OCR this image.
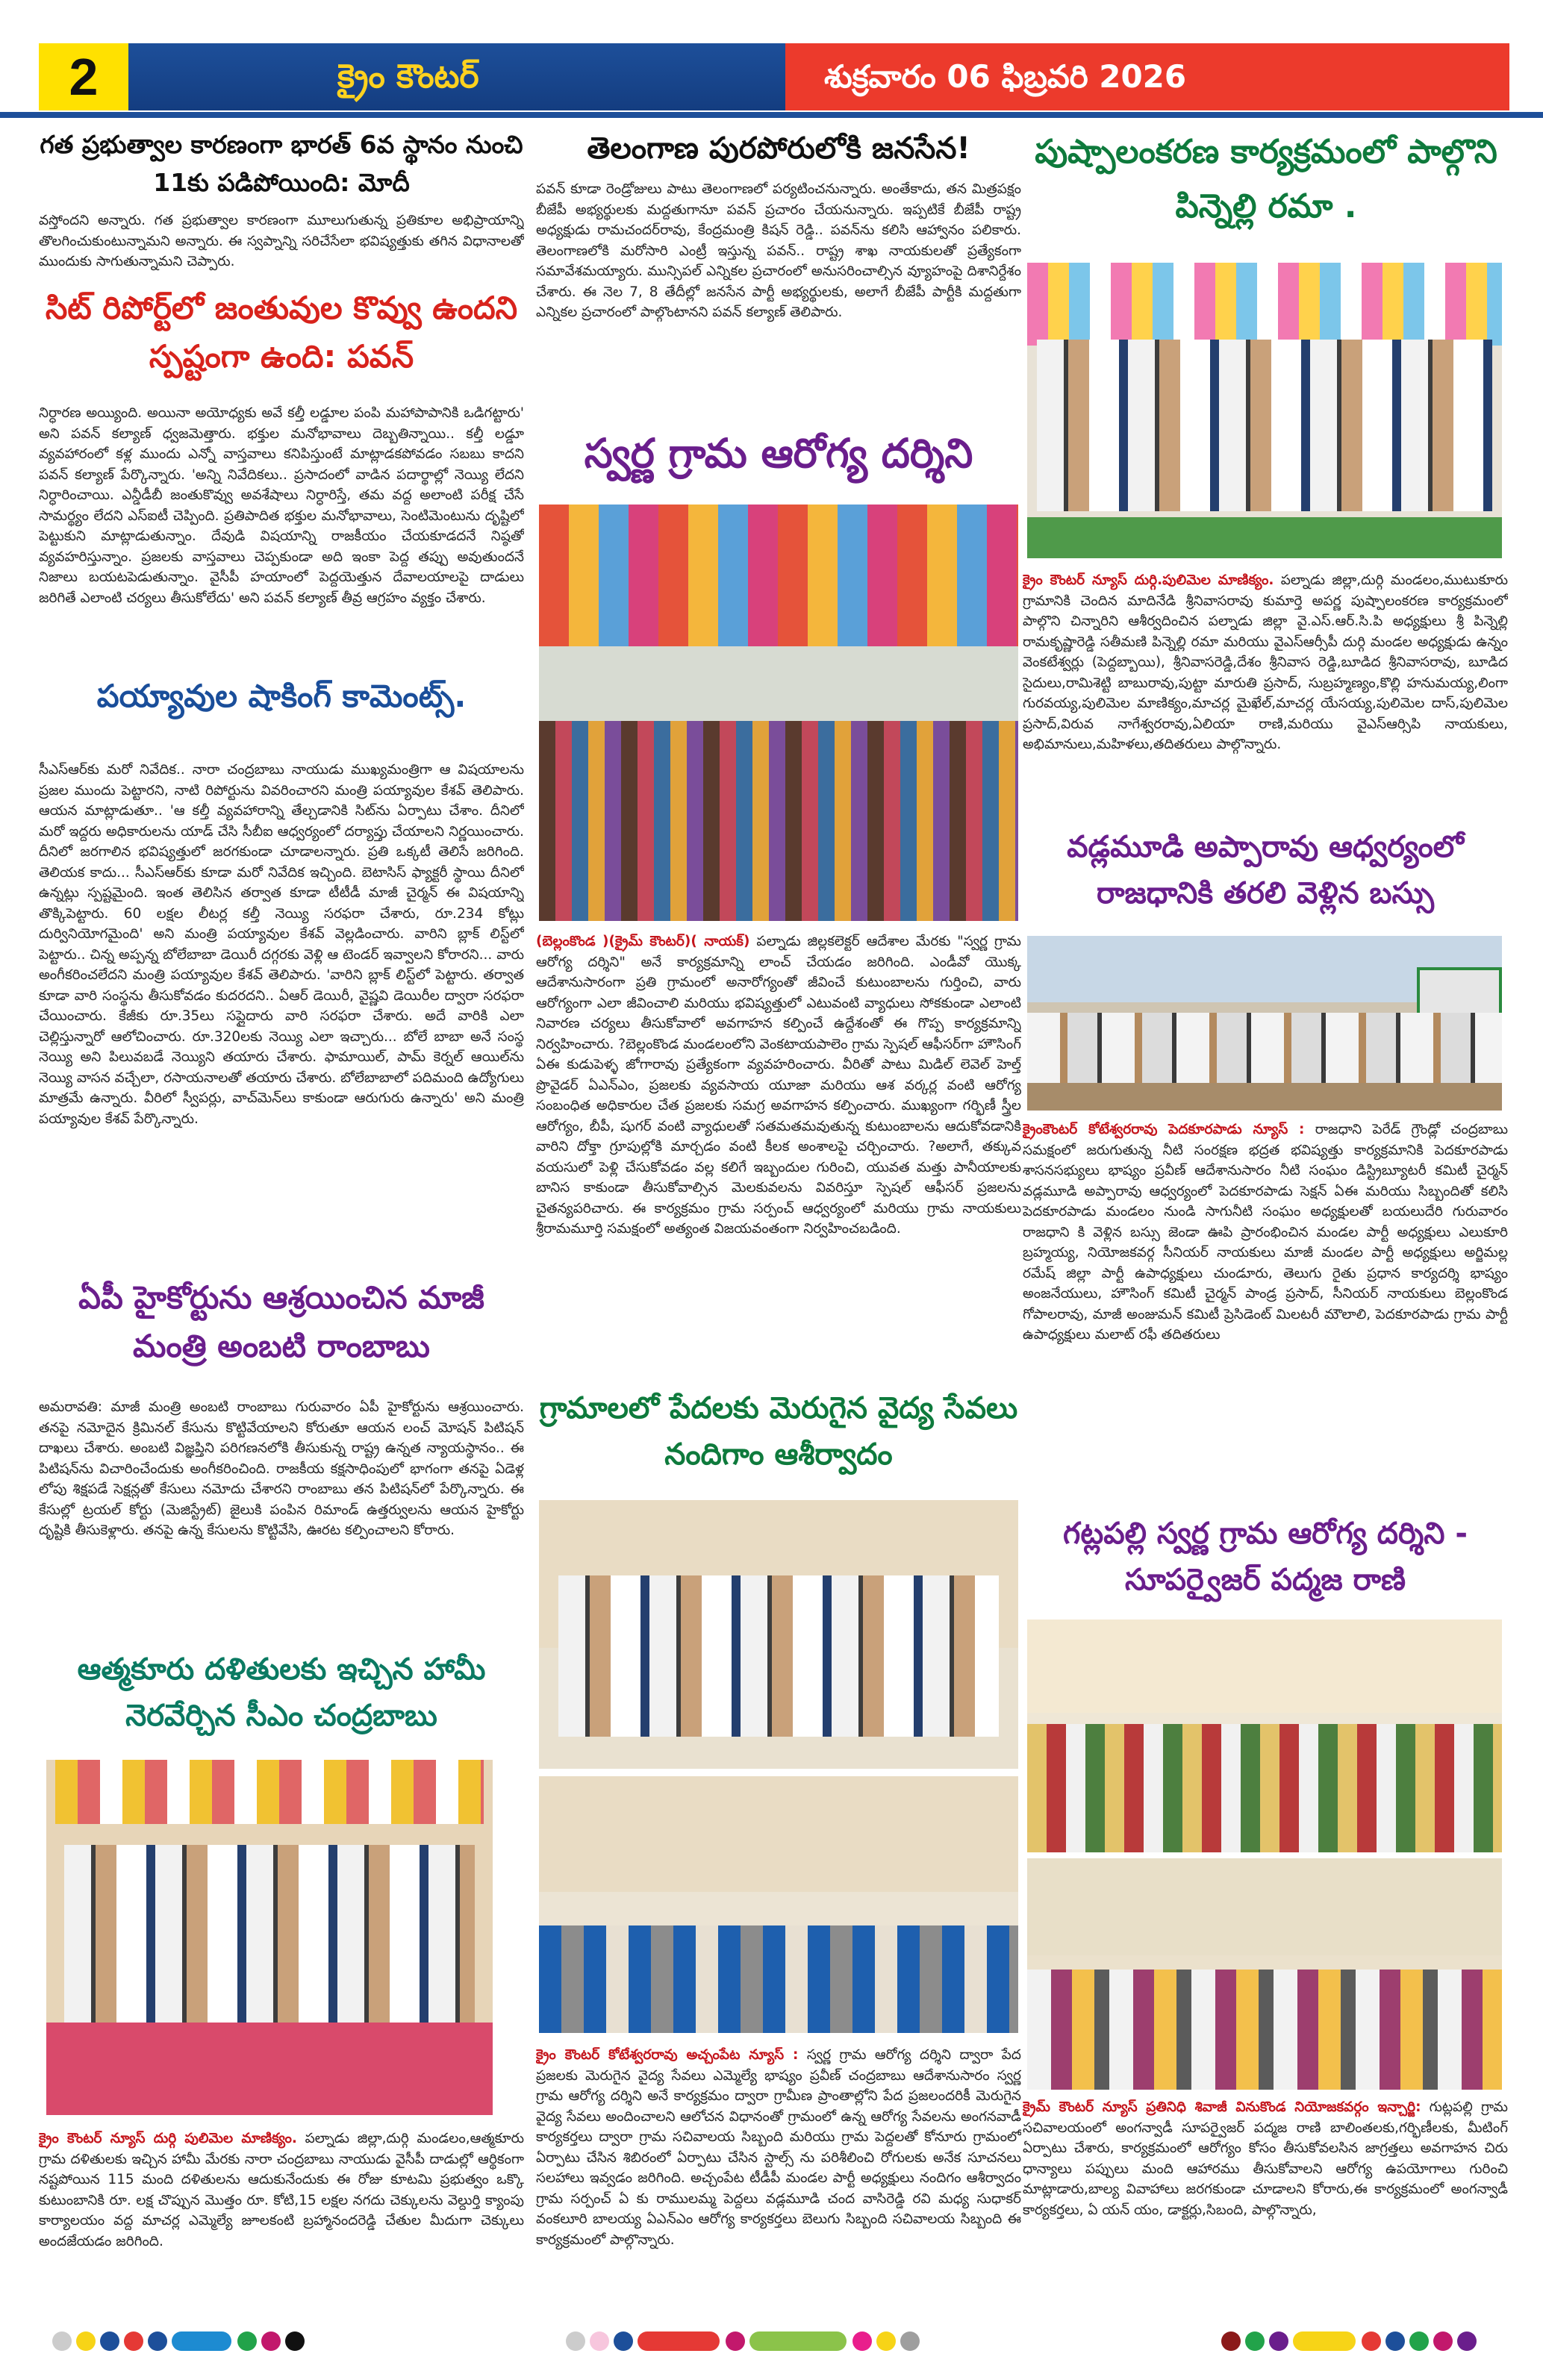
2	క్రైం కౌంటర్	శుక్రవారం 06 ఫిబ్రవరి 2026
గత ప్రభుత్వాల కారణంగా భారత్ 6వ స్థానం నుంచి 11కు పడిపోయింది: మోదీ
వస్తోందని అన్నారు. గత ప్రభుత్వాల కారణంగా మూలుగుతున్న ప్రతికూల అభిప్రాయాన్ని తొలగించుకుంటున్నామని అన్నారు. ఈ స్వప్నాన్ని సరిచేసేలా భవిష్యత్తుకు తగిన విధానాలతో ముందుకు సాగుతున్నామని చెప్పారు.
సిట్ రిపోర్ట్‌లో జంతువుల కొవ్వు ఉందని స్పష్టంగా ఉంది: పవన్
నిర్ధారణ అయ్యింది. అయినా అయోధ్యకు అవే కల్తీ లడ్డూల పంపి మహాపాపానికి ఒడిగట్టారు' అని పవన్ కల్యాణ్ ధ్వజమెత్తారు. భక్తుల మనోభావాలు దెబ్బతిన్నాయి.. కల్తీ లడ్డూ వ్యవహారంలో కళ్ల ముందు ఎన్నో వాస్తవాలు కనిపిస్తుంటే మాట్లాడకపోవడం సబబు కాదని పవన్ కల్యాణ్ పేర్కొన్నారు. 'అన్ని నివేదికలు.. ప్రసాదంలో వాడిన పదార్థాల్లో నెయ్యి లేదని నిర్ధారించాయి. ఎన్డీడీబీ జంతుకొవ్వు అవశేషాలు నిర్ధారిస్తే, తమ వద్ద అలాంటి పరీక్ష చేసే సామర్థ్యం లేదని ఎస్ఐటీ చెప్పింది. ప్రతిపాదిత భక్తుల మనోభావాలు, సెంటిమెంటును దృష్టిలో పెట్టుకుని మాట్లాడుతున్నాం. దేవుడి విషయాన్ని రాజకీయం చేయకూడదనే నిష్ఠతో వ్యవహరిస్తున్నాం. ప్రజలకు వాస్తవాలు చెప్పకుండా అది ఇంకా పెద్ద తప్పు అవుతుందనే నిజాలు బయటపెడుతున్నాం. వైసీపీ హయాంలో పెద్దయెత్తున దేవాలయాలపై దాడులు జరిగితే ఎలాంటి చర్యలు తీసుకోలేదు' అని పవన్ కల్యాణ్ తీవ్ర ఆగ్రహం వ్యక్తం చేశారు.
పయ్యావుల షాకింగ్ కామెంట్స్.
సీఎస్ఆర్‌కు మరో నివేదిక.. నారా చంద్రబాబు నాయుడు ముఖ్యమంత్రిగా ఆ విషయాలను ప్రజల ముందు పెట్టారని, నాటి రిపోర్టును వివరించారని మంత్రి పయ్యావుల కేశవ్ తెలిపారు. ఆయన మాట్లాడుతూ.. 'ఆ కల్తీ వ్యవహారాన్ని తేల్చడానికి సిట్‌ను ఏర్పాటు చేశాం. దీనిలో మరో ఇద్దరు అధికారులను యాడ్ చేసి సీబీఐ ఆధ్వర్యంలో దర్యాప్తు చేయాలని నిర్ణయించారు. దీనిలో జరగాలిన భవిష్యత్తులో జరగకుండా చూడాలన్నారు. ప్రతి ఒక్కటీ తెలిసే జరిగింది. తెలియక కాదు... సీఎస్ఆర్‌కు కూడా మరో నివేదిక ఇచ్చింది. బెటాసిస్ ఫ్యాక్టరీ స్థాయి దీనిలో ఉన్నట్లు స్పష్టమైంది. ఇంత తెలిసిన తర్వాత కూడా టీటీడీ మాజీ చైర్మన్ ఈ విషయాన్ని తొక్కిపెట్టారు. 60 లక్షల లీటర్ల కల్తీ నెయ్యి సరఫరా చేశారు, రూ.234 కోట్లు దుర్వినియోగమైంది' అని మంత్రి పయ్యావుల కేశవ్ వెల్లడించారు. వారిని బ్లాక్ లిస్ట్‌లో పెట్టారు.. చిన్న అప్పన్న బోలేబాబా డెయిరీ దగ్గరకు వెళ్లి ఆ టెండర్ ఇవ్వాలని కోరారని... వారు అంగీకరించలేదని మంత్రి పయ్యావుల కేశవ్ తెలిపారు. 'వారిని బ్లాక్ లిస్ట్‌లో పెట్టారు. తర్వాత కూడా వారి సంస్థను తీసుకోవడం కుదరదని.. ఏఆర్ డెయిరీ, వైష్ణవి డెయిరీల ద్వారా సరఫరా చేయించారు. కేజీకు రూ.35లు సప్లైదారు వారి సరఫరా చేశారు. అదే వారికి ఎలా చెల్లిస్తున్నారో ఆలోచించారు. రూ.320లకు నెయ్యి ఎలా ఇచ్చారు... బోలే బాబా అనే సంస్థ నెయ్యి అని పిలువబడే నెయ్యిని తయారు చేశారు. ఫామాయిల్, పామ్ కెర్నల్ ఆయిల్‌ను నెయ్యి వాసన వచ్చేలా, రసాయనాలతో తయారు చేశారు. బోలేబాబాలో పదిమంది ఉద్యోగులు మాత్రమే ఉన్నారు. వీరిలో స్వీపర్లు, వాచ్‌మెన్‌లు కాకుండా ఆరుగురు ఉన్నారు' అని మంత్రి పయ్యావుల కేశవ్ పేర్కొన్నారు.
ఏపీ హైకోర్టును ఆశ్రయించిన మాజీ మంత్రి అంబటి రాంబాబు
అమరావతి: మాజీ మంత్రి అంబటి రాంబాబు గురువారం ఏపీ హైకోర్టును ఆశ్రయించారు. తనపై నమోదైన క్రిమినల్ కేసును కొట్టివేయాలని కోరుతూ ఆయన లంచ్ మోషన్ పిటిషన్ దాఖలు చేశారు. అంబటి విజ్ఞప్తిని పరిగణనలోకి తీసుకున్న రాష్ట్ర ఉన్నత న్యాయస్థానం.. ఈ పిటిషన్‌ను విచారించేందుకు అంగీకరించింది. రాజకీయ కక్షసాధింపులో భాగంగా తనపై ఏడెళ్ల లోపు శిక్షపడే సెక్షన్లతో కేసులు నమోదు చేశారని రాంబాబు తన పిటిషన్‌లో పేర్కొన్నారు. ఈ కేసుల్లో ట్రయల్ కోర్టు (మెజిస్ట్రేట్) జైలుకి పంపిన రిమాండ్ ఉత్తర్వులను ఆయన హైకోర్టు దృష్టికి తీసుకెళ్లారు. తనపై ఉన్న కేసులను కొట్టివేసి, ఊరట కల్పించాలని కోరారు.
ఆత్మకూరు దళితులకు ఇచ్చిన హామీ నెరవేర్చిన సీఎం చంద్రబాబు
క్రైం కౌంటర్ న్యూస్ దుర్గి పులిమెల మాణిక్యం. పల్నాడు జిల్లా,దుర్గి మండలం,ఆత్మకూరు గ్రామ దళితులకు ఇచ్చిన హామీ మేరకు నారా చంద్రబాబు నాయుడు వైసీపీ దాడుల్లో ఆర్థికంగా నష్టపోయిన 115 మంది దళితులను ఆదుకునేందుకు ఈ రోజు కూటమి ప్రభుత్వం ఒక్కొ కుటుంబానికి రూ. లక్ష చొప్పున మొత్తం రూ. కోటి,15 లక్షల నగదు చెక్కులను వెల్దుర్తి క్యాంపు కార్యాలయం వద్ద మాచర్ల ఎమ్మెల్యే జూలకంటి బ్రహ్మానందరెడ్డి చేతుల మీదుగా చెక్కులు అందజేయడం జరిగింది.
తెలంగాణ పురపోరులోకి జనసేన!
పవన్ కూడా రెండ్రోజులు పాటు తెలంగాణలో పర్యటించనున్నారు. అంతేకాదు, తన మిత్రపక్షం బీజేపీ అభ్యర్థులకు మద్దతుగానూ పవన్ ప్రచారం చేయనున్నారు. ఇప్పటికే బీజేపీ రాష్ట్ర అధ్యక్షుడు రామచందర్‌రావు, కేంద్రమంత్రి కిషన్ రెడ్డి.. పవన్‌ను కలిసి ఆహ్వానం పలికారు. తెలంగాణలోకి మరోసారి ఎంట్రీ ఇస్తున్న పవన్.. రాష్ట్ర శాఖ నాయకులతో ప్రత్యేకంగా సమావేశమయ్యారు. మున్సిపల్ ఎన్నికల ప్రచారంలో అనుసరించాల్సిన వ్యూహంపై దిశానిర్దేశం చేశారు. ఈ నెల 7, 8 తేదీల్లో జనసేన పార్టీ అభ్యర్థులకు, అలాగే బీజేపీ పార్టీకి మద్దతుగా ఎన్నికల ప్రచారంలో పాల్గొంటానని పవన్ కల్యాణ్ తెలిపారు.
స్వర్ణ గ్రామ ఆరోగ్య దర్శిని
(బెల్లంకొండ )(క్రైమ్ కౌంటర్)( నాయక్) పల్నాడు జిల్లకలెక్టర్ ఆదేశాల మేరకు "స్వర్ణ గ్రామ ఆరోగ్య దర్శిని" అనే కార్యక్రమాన్ని లాంచ్ చేయడం జరిగింది. ఎండీవో యొక్క ఆదేశానుసారంగా ప్రతి గ్రామంలో అనారోగ్యంతో జీవించే కుటుంబాలను గుర్తించి, వారు ఆరోగ్యంగా ఎలా జీవించాలి మరియు భవిష్యత్తులో ఎటువంటి వ్యాధులు సోకకుండా ఎలాంటి నివారణ చర్యలు తీసుకోవాలో అవగాహన కల్పించే ఉద్దేశంతో ఈ గొప్ప కార్యక్రమాన్ని నిర్వహించారు. ?బెల్లంకొండ మండలంలోని వెంకటాయపాలెం గ్రామ స్పెషల్ ఆఫీసర్‌గా హౌసింగ్ ఏఈ కుడుపెళ్ళ జోగారావు ప్రత్యేకంగా వ్యవహరించారు. వీరితో పాటు మిడిల్ లెవెల్ హెల్త్ ప్రొవైడర్ ఏఎన్ఎం, ప్రజలకు వ్యవసాయ యూజా మరియు ఆశ వర్కర్ల వంటి ఆరోగ్య సంబంధిత అధికారుల చేత ప్రజలకు సమగ్ర అవగాహన కల్పించారు. ముఖ్యంగా గర్భిణీ స్త్రీల ఆరోగ్యం, బీపీ, షుగర్ వంటి వ్యాధులతో సతమతమవుతున్న కుటుంబాలను ఆదుకోవడానికి వారిని దోక్తా గ్రూపుల్లోకి మార్చడం వంటి కీలక అంశాలపై చర్చించారు. ?అలాగే, తక్కువ వయసులో పెళ్లి చేసుకోవడం వల్ల కలిగే ఇబ్బందుల గురించి, యువత మత్తు పానీయాలకు బానిస కాకుండా తీసుకోవాల్సిన మెలకువలను వివరిస్తూ స్పెషల్ ఆఫీసర్ ప్రజలను చైతన్యపరిచారు. ఈ కార్యక్రమం గ్రామ సర్పంచ్ ఆధ్వర్యంలో మరియు గ్రామ నాయకులు శ్రీరామమూర్తి సమక్షంలో అత్యంత విజయవంతంగా నిర్వహించబడింది.
గ్రామాలలో పేదలకు మెరుగైన వైద్య సేవలు నందిగాం ఆశీర్వాదం
క్రైం కౌంటర్ కోటేశ్వరరావు అచ్చంపేట న్యూస్ : స్వర్ణ గ్రామ ఆరోగ్య దర్శిని ద్వారా పేద ప్రజలకు మెరుగైన వైద్య సేవలు ఎమ్మెల్యే భాష్యం ప్రవీణ్ చంద్రబాబు ఆదేశానుసారం స్వర్ణ గ్రామ ఆరోగ్య దర్శిని అనే కార్యక్రమం ద్వారా గ్రామీణ ప్రాంతాల్లోని పేద ప్రజలందరికీ మెరుగైన వైద్య సేవలు అందించాలని ఆలోచన విధానంతో గ్రామంలో ఉన్న ఆరోగ్య సేవలను అంగనవాడీ కార్యకర్తలు ద్వారా గ్రామ సచివాలయ సిబ్బంది మరియు గ్రామ పెద్దలతో కోనూరు గ్రామంలో ఏర్పాటు చేసిన శిబిరంలో ఏర్పాటు చేసిన స్టాల్స్ ను పరిశీలించి రోగులకు అనేక సూచనలు సలహాలు ఇవ్వడం జరిగింది. అచ్చంపేట టీడీపీ మండల పార్టీ అధ్యక్షులు నందిగం ఆశీర్వాదం గ్రామ సర్పంచ్ ఏ కు రాములమ్మ పెద్దలు వడ్లమూడి చంద వాసిరెడ్డి రవి మధ్య సుధాకర్ వంకలూరి బాలయ్య ఏఎన్ఎం ఆరోగ్య కార్యకర్తలు బెలుగు సిబ్బంది సచివాలయ సిబ్బంది ఈ కార్యక్రమంలో పాల్గొన్నారు.
పుష్పాలంకరణ కార్యక్రమంలో పాల్గొని పిన్నెల్లి రమా .
క్రైం కౌంటర్ న్యూస్ దుర్గి.పులిమెల మాణిక్యం. పల్నాడు జిల్లా,దుర్గి మండలం,ముటుకూరు గ్రామానికి చెందిన మాదినేడి శ్రీనివాసరావు కుమార్తె అపర్ణ పుష్పాలంకరణ కార్యక్రమంలో పాల్గొని చిన్నారిని ఆశీర్వదించిన పల్నాడు జిల్లా వై.ఎస్.ఆర్.సి.పి అధ్యక్షులు శ్రీ పిన్నెల్లి రామకృష్ణారెడ్డి సతీమణి పిన్నెల్లి రమా మరియు వైఎస్ఆర్సీపీ దుర్గి మండల అధ్యక్షుడు ఉన్నం వెంకటేశ్వర్లు (పెద్దబ్బాయి), శ్రీనివాసరెడ్డి,దేశం శ్రీనివాస రెడ్డి,బూడిద శ్రీనివాసరావు, బూడిద సైదులు,రామిశెట్టి బాబురావు,పుట్టా మారుతి ప్రసాద్, సుబ్రహ్మణ్యం,కొల్లి హనుమయ్య,లింగా గురవయ్య,పులిమెల మాణిక్యం,మాచర్ల మైఖేల్,మాచర్ల యేసయ్య,పులిమెల దాస్,పులిమెల ప్రసాద్,విరువ నాగేశ్వరరావు,ఏలియా రాణి,మరియు వైఎస్ఆర్సిపి నాయకులు, అభిమానులు,మహిళలు,తదితరులు పాల్గొన్నారు.
వడ్లమూడి అప్పారావు ఆధ్వర్యంలో రాజధానికి తరలి వెళ్లిన బస్సు
క్రైంకౌంటర్ కోటేశ్వరరావు పెదకూరపాడు న్యూస్ : రాజధాని పెరేడ్ గ్రౌండ్లో చంద్రబాబు సమక్షంలో జరుగుతున్న నీటి సంరక్షణ భద్రత భవిష్యత్తు కార్యక్రమానికి పెదకూరపాడు శాసనసభ్యులు భాష్యం ప్రవీణ్ ఆదేశానుసారం నీటి సంఘం డిస్ట్రిబ్యూటరీ కమిటీ చైర్మన్ వడ్లమూడి అప్పారావు ఆధ్వర్యంలో పెదకూరపాడు సెక్షన్ ఏఈ మరియు సిబ్బందితో కలిసి పెదకూరపాడు మండలం నుండి సాగునీటి సంఘం అధ్యక్షులతో బయలుదేరి గురువారం రాజధాని కి వెళ్లిన బస్సు జెండా ఊపి ప్రారంభించిన మండల పార్టీ అధ్యక్షులు ఎలుకూరి బ్రహ్మయ్య, నియోజకవర్గ సీనియర్ నాయకులు మాజీ మండల పార్టీ అధ్యక్షులు అర్జిమల్ల రమేష్ జిల్లా పార్టీ ఉపాధ్యక్షులు చుండూరు, తెలుగు రైతు ప్రధాన కార్యదర్శి భాష్యం అంజనేయులు, హౌసింగ్ కమిటీ చైర్మన్ పాండ్ర ప్రసాద్, సీనియర్ నాయకులు బెల్లంకొండ గోపాలరావు, మాజీ అంజుమన్ కమిటీ ప్రెసిడెంట్ మిలటరీ మౌలాలి, పెదకూరపాడు గ్రామ పార్టీ ఉపాధ్యక్షులు మలాట్ రఫీ తదితరులు
గట్లపల్లి స్వర్ణ గ్రామ ఆరోగ్య దర్శిని - సూపర్వైజర్ పద్మజ రాణి
క్రైమ్ కౌంటర్ న్యూస్ ప్రతినిధి శివాజీ వినుకొండ నియోజకవర్గం ఇన్చార్జి: గుట్లపల్లి గ్రామ సచివాలయంలో అంగన్వాడీ సూపర్వైజర్ పద్మజ రాణి బాలింతలకు,గర్భిణీలకు, మీటింగ్ ఏర్పాటు చేశారు, కార్యక్రమంలో ఆరోగ్యం కోసం తీసుకోవలసిన జాగ్రత్తలు అవగాహన చిరు ధాన్యాలు పప్పులు మంది ఆహారము తీసుకోవాలని ఆరోగ్య ఉపయోగాలు గురించి మాట్లాడారు,బాల్య వివాహాలు జరగకుండా చూడాలని కోరారు,ఈ కార్యక్రమంలో అంగన్వాడీ కార్యకర్తలు, ఏ యన్ యం, డాక్టర్లు,సిబంది, పాల్గొన్నారు,
